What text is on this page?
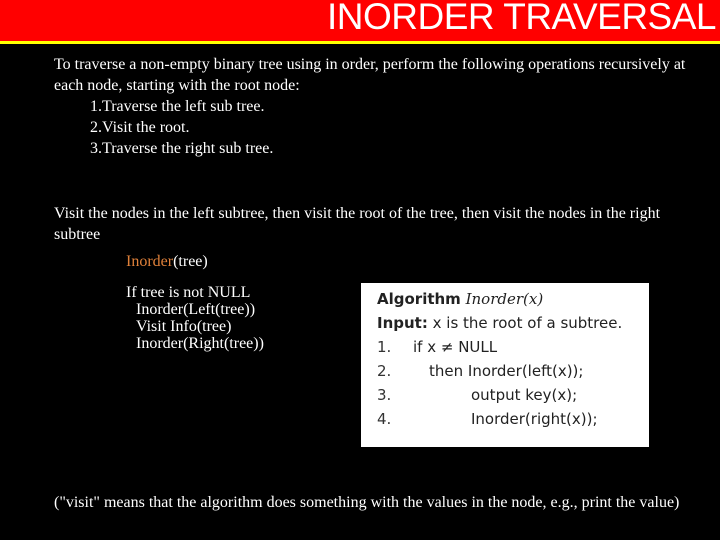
INORDER TRAVERSAL
To traverse a non-empty binary tree using in order, perform the following operations recursively at each node, starting with the root node:
1.Traverse the left sub tree.
2.Visit the root.
3.Traverse the right sub tree.
Visit the nodes in the left subtree, then visit the root of the tree, then visit the nodes in the right subtree
Inorder(tree)
If tree is not NULL
Inorder(Left(tree))
Visit Info(tree)
Inorder(Right(tree))
Algorithm Inorder(x)
Input: x is the root of a subtree.
1. if x ≠ NULL
2.	then Inorder(left(x));
3.	output key(x);
4.	Inorder(right(x));
("visit" means that the algorithm does something with the values in the node, e.g., print the value)
